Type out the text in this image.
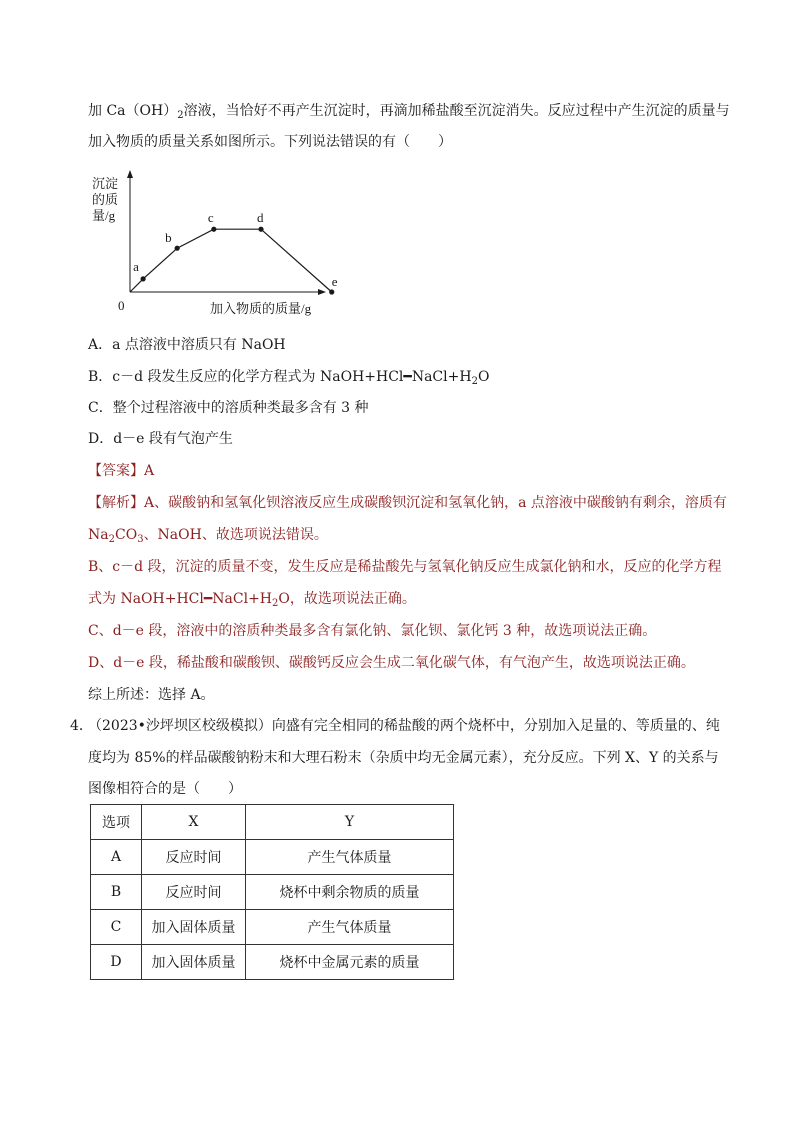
加 $Ca(OH)_2$溶液，当恰好不再产生沉淀时，再滴加稀盐酸至沉淀消失。反应过程中产生沉淀的质量与
加入物质的质量关系如图所示。下列说法错误的有（　　）
沉淀
的质
量/g
0	加入物质的质量/g
a
b
c	d
e
A．a 点溶液中溶质只有 NaOH
B．c－d 段发生反应的化学方程式为 $NaOH+HCl━NaCl+H_2O$
C．整个过程溶液中的溶质种类最多含有 3 种
D．d－e 段有气泡产生
【答案】A
【解析】A、碳酸钠和氢氧化钡溶液反应生成碳酸钡沉淀和氢氧化钠，a 点溶液中碳酸钠有剩余，溶质有
$Na_2CO_3$、NaOH、故选项说法错误。
B、c－d 段，沉淀的质量不变，发生反应是稀盐酸先与氢氧化钠反应生成氯化钠和水，反应的化学方程
式为 $NaOH+HCl━NaCl+H_2O$，故选项说法正确。
C、d－e 段，溶液中的溶质种类最多含有氯化钠、氯化钡、氯化钙 3 种，故选项说法正确。
D、d－e 段，稀盐酸和碳酸钡、碳酸钙反应会生成二氧化碳气体，有气泡产生，故选项说法正确。
综上所述：选择 A。
4．
（2023•沙坪坝区校级模拟）向盛有完全相同的稀盐酸的两个烧杯中，分别加入足量的、等质量的、纯
度均为 85%的样品碳酸钠粉末和大理石粉末（杂质中均无金属元素），充分反应。下列 X、Y 的关系与
图像相符合的是（　　）
选项	X	Y
A	反应时间	产生气体质量
B	反应时间	烧杯中剩余物质的质量
C	加入固体质量	产生气体质量
D	加入固体质量	烧杯中金属元素的质量
